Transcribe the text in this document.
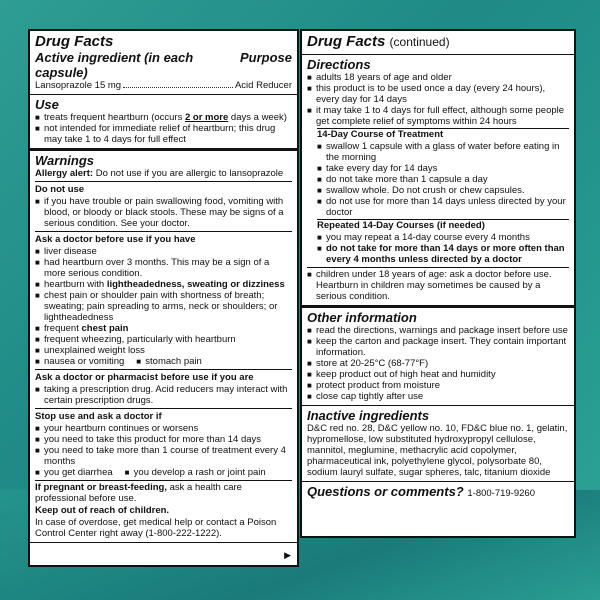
Drug Facts
Active ingredient (in each capsule)
Purpose
Lansoprazole 15 mg	Acid Reducer
Use
■ treats frequent heartburn (occurs 2 or more days a week)
■ not intended for immediate relief of heartburn; this drug may take 1 to 4 days for full effect
Warnings
Allergy alert: Do not use if you are allergic to lansoprazole
Do not use
■ if you have trouble or pain swallowing food, vomiting with blood, or bloody or black stools. These may be signs of a serious condition. See your doctor.
Ask a doctor before use if you have
■ liver disease
■ had heartburn over 3 months. This may be a sign of a more serious condition.
■ heartburn with lightheadedness, sweating or dizziness
■ chest pain or shoulder pain with shortness of breath; sweating; pain spreading to arms, neck or shoulders; or lightheadedness
■ frequent chest pain
■ frequent wheezing, particularly with heartburn
■ unexplained weight loss
■ nausea or vomiting	■ stomach pain
Ask a doctor or pharmacist before use if you are
■ taking a prescription drug. Acid reducers may interact with certain prescription drugs.
Stop use and ask a doctor if
■ your heartburn continues or worsens
■ you need to take this product for more than 14 days
■ you need to take more than 1 course of treatment every 4 months
■ you get diarrhea	■ you develop a rash or joint pain
If pregnant or breast-feeding, ask a health care professional before use.
Keep out of reach of children.
In case of overdose, get medical help or contact a Poison Control Center right away (1-800-222-1222).
▶
Drug Facts (continued)
Directions
■ adults 18 years of age and older
■ this product is to be used once a day (every 24 hours), every day for 14 days
■ it may take 1 to 4 days for full effect, although some people get complete relief of symptoms within 24 hours
14-Day Course of Treatment
■ swallow 1 capsule with a glass of water before eating in the morning
■ take every day for 14 days
■ do not take more than 1 capsule a day
■ swallow whole. Do not crush or chew capsules.
■ do not use for more than 14 days unless directed by your doctor
Repeated 14-Day Courses (if needed)
■ you may repeat a 14-day course every 4 months
■ do not take for more than 14 days or more often than every 4 months unless directed by a doctor
■ children under 18 years of age: ask a doctor before use. Heartburn in children may sometimes be caused by a serious condition.
Other information
■ read the directions, warnings and package insert before use
■ keep the carton and package insert. They contain important information.
■ store at 20-25°C (68-77°F)
■ keep product out of high heat and humidity
■ protect product from moisture
■ close cap tightly after use
Inactive ingredients
D&C red no. 28, D&C yellow no. 10, FD&C blue no. 1, gelatin, hypromellose, low substituted hydroxypropyl cellulose, mannitol, meglumine, methacrylic acid copolymer, pharmaceutical ink, polyethylene glycol, polysorbate 80, sodium lauryl sulfate, sugar spheres, talc, titanium dioxide
Questions or comments? 1-800-719-9260
